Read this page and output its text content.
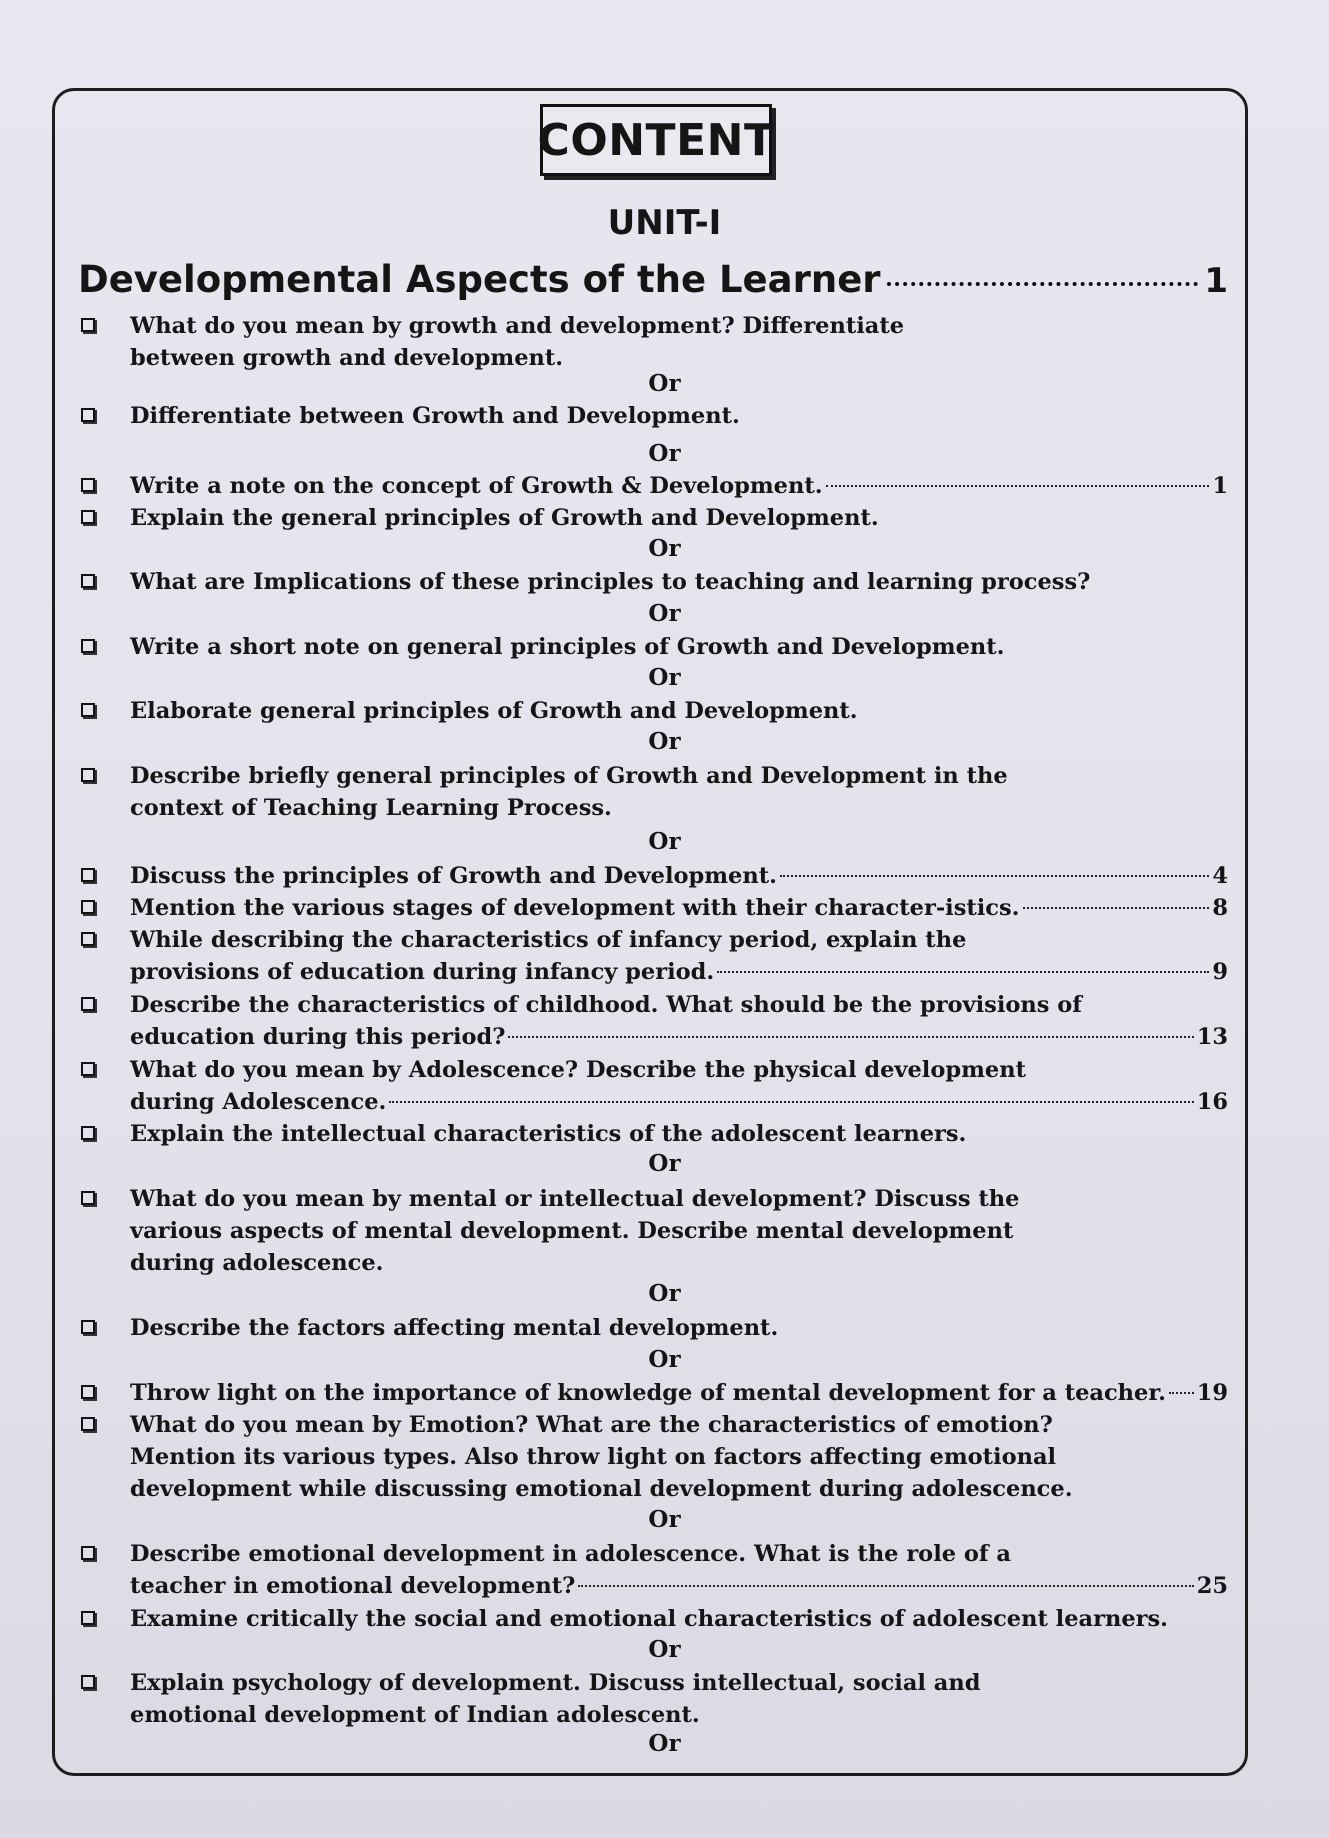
CONTENT
UNIT-I
Developmental Aspects of the Learner	1
What do you mean by growth and development? Differentiate
between growth and development.
Differentiate between Growth and Development.
Write a note on the concept of Growth & Development.	1
Explain the general principles of Growth and Development.
What are Implications of these principles to teaching and learning process?
Write a short note on general principles of Growth and Development.
Elaborate general principles of Growth and Development.
Describe briefly general principles of Growth and Development in the
context of Teaching Learning Process.
Discuss the principles of Growth and Development.	4
Mention the various stages of development with their character-istics.	8
While describing the characteristics of infancy period, explain the
provisions of education during infancy period.	9
Describe the characteristics of childhood. What should be the provisions of
education during this period?	13
What do you mean by Adolescence? Describe the physical development
during Adolescence.	16
Explain the intellectual characteristics of the adolescent learners.
What do you mean by mental or intellectual development? Discuss the
various aspects of mental development. Describe mental development
during adolescence.
Describe the factors affecting mental development.
Throw light on the importance of knowledge of mental development for a teacher. 19
What do you mean by Emotion? What are the characteristics of emotion?
Mention its various types. Also throw light on factors affecting emotional
development while discussing emotional development during adolescence.
Describe emotional development in adolescence. What is the role of a
teacher in emotional development?	25
Examine critically the social and emotional characteristics of adolescent learners.
Explain psychology of development. Discuss intellectual, social and
emotional development of Indian adolescent.
Or
Or
Or
Or
Or
Or
Or
Or
Or
Or
Or
Or
Or
